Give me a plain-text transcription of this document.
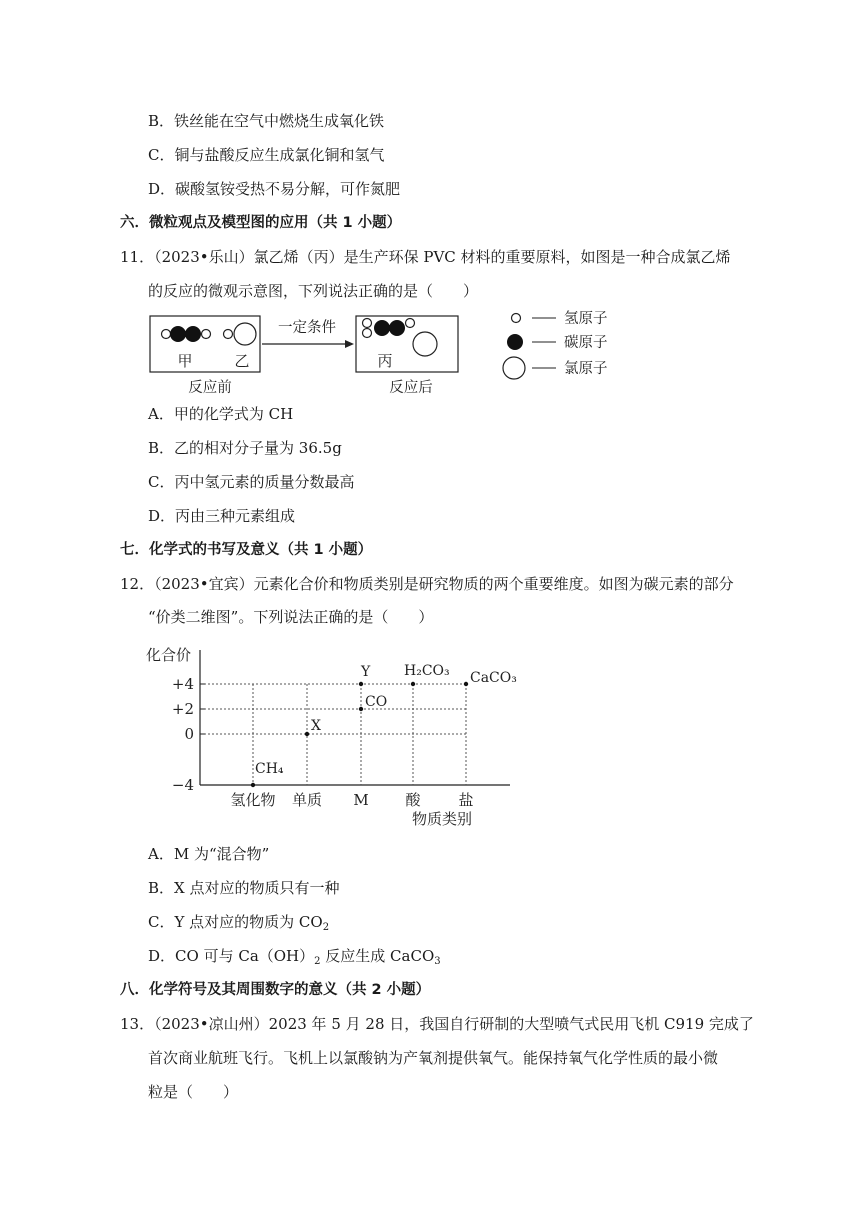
B．铁丝能在空气中燃烧生成氧化铁
C．铜与盐酸反应生成氯化铜和氢气
D．碳酸氢铵受热不易分解，可作氮肥
六．微粒观点及模型图的应用（共 1 小题）
11．（2023•乐山）氯乙烯（丙）是生产环保 PVC 材料的重要原料，如图是一种合成氯乙烯
的反应的微观示意图，下列说法正确的是（　　）
甲	乙
反应前
一定条件
丙
反应后
氢原子
碳原子
氯原子
A．甲的化学式为 CH
B．乙的相对分子量为 36.5g
C．丙中氢元素的质量分数最高
D．丙由三种元素组成
七．化学式的书写及意义（共 1 小题）
12．（2023•宜宾）元素化合价和物质类别是研究物质的两个重要维度。如图为碳元素的部分
“价类二维图”。下列说法正确的是（　　）
+4
+2
0
−4
氢化物 单质 M 酸	盐
化合价
物质类别
CH₄
X
CO
Y H₂CO₃ CaCO₃
A．M 为“混合物”
B．X 点对应的物质只有一种
C．Y 点对应的物质为 $CO_2$
D．CO 可与 $Ca(OH)_2$ 反应生成 CaCO$_3$
八．化学符号及其周围数字的意义（共 2 小题）
13．（2023•凉山州）2023 年 5 月 28 日，我国自行研制的大型喷气式民用飞机 C919 完成了
首次商业航班飞行。飞机上以氯酸钠为产氧剂提供氧气。能保持氧气化学性质的最小微
粒是（　　）
